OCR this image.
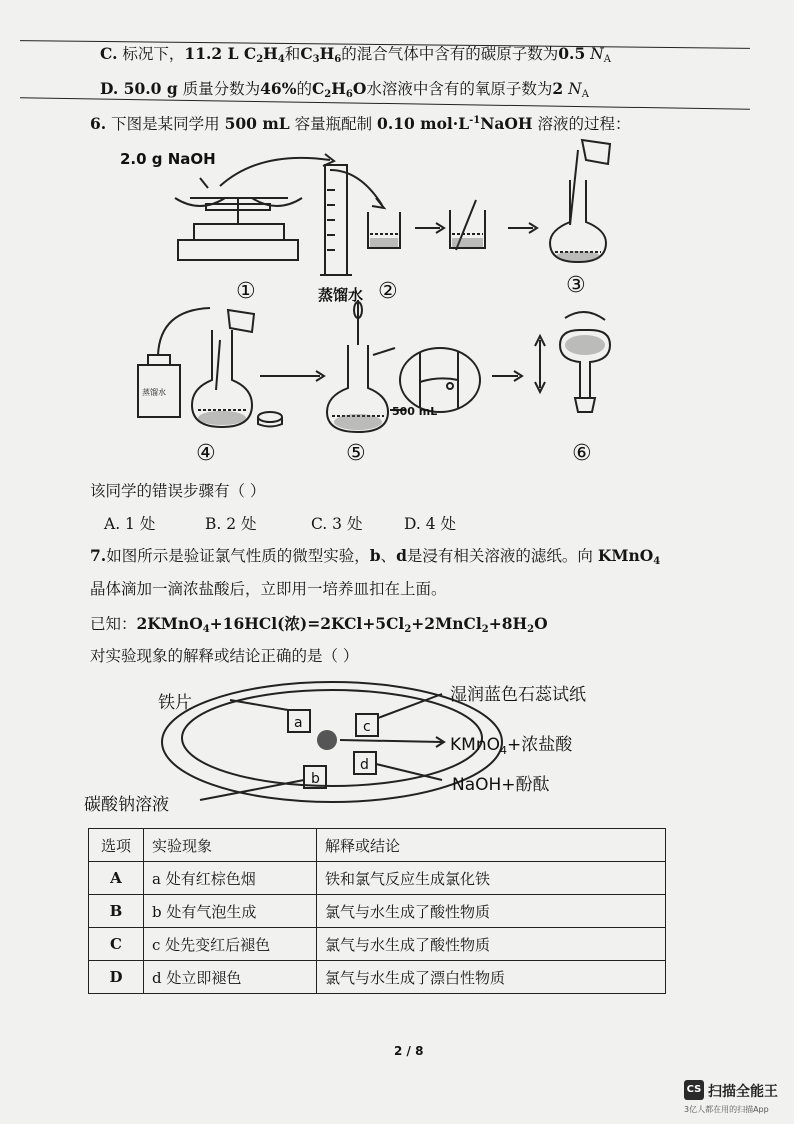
C. 标况下，11.2 L $C_2H_4$和$C_3H_6$的混合气体中含有的碳原子数为0.5 $N_A$
D. 50.0 g 质量分数为46%的$C_2H_6O$水溶液中含有的氧原子数为2 $N_A$
6. 下图是某同学用 500 mL 容量瓶配制 0.10 $mol\cdot L^{-1}NaOH$ 溶液的过程：
2.0 g NaOH
蒸馏水
蒸馏水
500 mL
①	②	③
④	⑤	⑥
该同学的错误步骤有（ ）
A. 1 处	B. 2 处	C. 3 处	D. 4 处
7.如图所示是验证氯气性质的微型实验，b、d是浸有相关溶液的滤纸。向 KMnO$_4$
晶体滴加一滴浓盐酸后，立即用一培养皿扣在上面。
已知：2KMnO$_4$+16HCl(浓)$=2KCl+5Cl_2+2MnCl_2+8H_2O$
对实验现象的解释或结论正确的是（ ）
a
b
c
d
铁片	湿润蓝色石蕊试纸
KMnO$_4$+浓盐酸
NaOH+酚酞
碳酸钠溶液
选项	实验现象	解释或结论
A	a 处有红棕色烟	铁和氯气反应生成氯化铁
B	b 处有气泡生成	氯气与水生成了酸性物质
C	c 处先变红后褪色	氯气与水生成了酸性物质
D	d 处立即褪色	氯气与水生成了漂白性物质
2 / 8
CS 扫描全能王
3亿人都在用的扫描App
